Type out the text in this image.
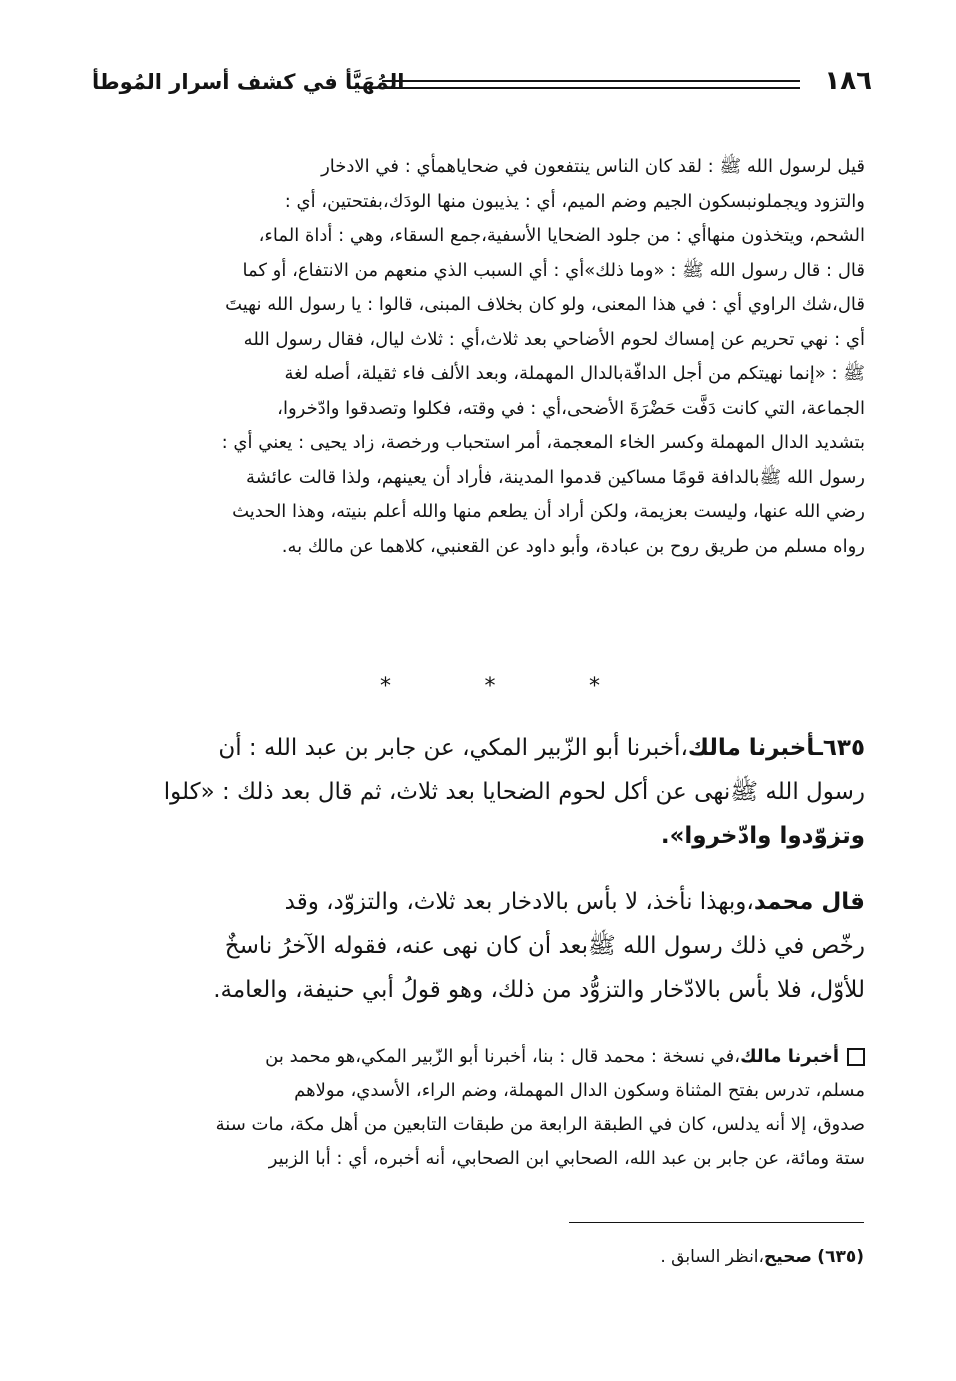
١٨٦
المُهَيَّأ في كشف أسرار المُوطأ

قيل لرسول الله ﷺ : لقد كان الناس ينتفعون في ضحاياهمأي : في الادخار

والتزود ويجملونبسكون الجيم وضم الميم، أي : يذيبون منها الودَك،بفتحتين، أي :

الشحم، ويتخذون منهاأي : من جلود الضحايا الأسفية،جمع السقاء، وهي : أداة الماء،

قال : قال رسول الله ﷺ : «وما ذلك»أي : أي السبب الذي منعهم من الانتفاع، أو كما

قال،شك الراوي أي : في هذا المعنى، ولو كان بخلاف المبنى، قالوا : يا رسول الله نهيتَ

أي : نهي تحريم عن إمساك لحوم الأضاحي بعد ثلاث،أي : ثلاث ليال، فقال رسول الله

ﷺ : «إنما نهيتكم من أجل الدافّةبالدال المهملة، وبعد الألف فاء ثقيلة، أصله لغة

الجماعة، التي كانت دَفَّت حَضْرَةَ الأضحى،أي : في وقته، فكلوا وتصدقوا وادّخروا،

بتشديد الدال المهملة وكسر الخاء المعجمة، أمر استحباب ورخصة، زاد يحيى : يعني أي :

رسول الله ﷺبالدافة قومًا مساكين قدموا المدينة، فأراد أن يعينهم، ولذا قالت عائشة

رضي الله عنها، وليست بعزيمة، ولكن أراد أن يطعم منها والله أعلم بنيته، وهذا الحديث

رواه مسلم من طريق روح بن عبادة، وأبو داود عن القعنبي، كلاهما عن مالك به.

*
*
*

٦٣٥ـأخبرنا مالك،أخبرنا أبو الزّبير المكي، عن جابر بن عبد الله : أن

رسول الله ﷺنهى عن أكل لحوم الضحايا بعد ثلاث، ثم قال بعد ذلك : «كلوا

وتزوّدوا وادّخروا».

قال محمد،وبهذا نأخذ، لا بأس بالادخار بعد ثلاث، والتزوّد، وقد

رخّص في ذلك رسول الله ﷺبعد أن كان نهى عنه، فقوله الآخرُ ناسخٌ

للأوّل، فلا بأس بالادّخار والتزوُّد من ذلك، وهو قولُ أبي حنيفة، والعامة.

أخبرنا مالك،في نسخة : محمد قال : بنا، أخبرنا أبو الزّبير المكي،هو محمد بن

مسلم، تدرس بفتح المثناة وسكون الدال المهملة، وضم الراء، الأسدي، مولاهم

صدوق، إلا أنه يدلس، كان في الطبقة الرابعة من طبقات التابعين من أهل مكة، مات سنة

ستة ومائة، عن جابر بن عبد الله، الصحابي ابن الصحابي، أنه أخبره، أي : أبا الزبير

(٦٣٥) صحيح،انظر السابق .
